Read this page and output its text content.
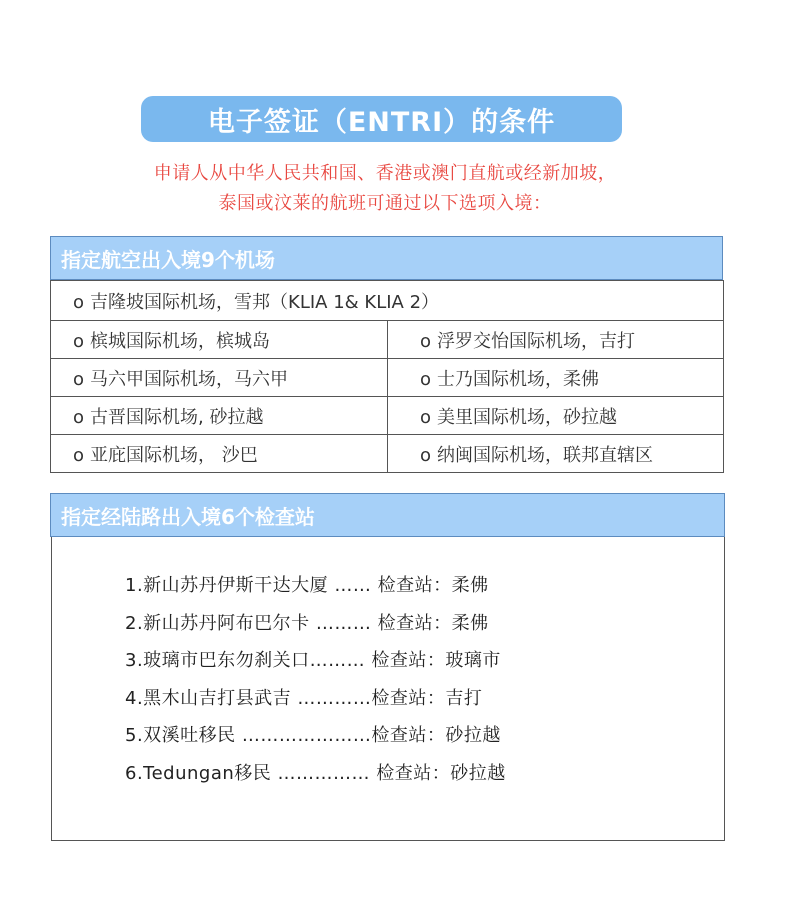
电子签证（ENTRI）的条件
申请人从中华人民共和国、香港或澳门直航或经新加坡，
泰国或汶莱的航班可通过以下选项入境：
指定航空出入境9个机场
o 吉隆坡国际机场，雪邦（KLIA 1& KLIA 2）	
o 槟城国际机场，槟城岛	o 浮罗交怡国际机场，吉打
o 马六甲国际机场，马六甲	o 士乃国际机场，柔佛
o 古晋国际机场, 砂拉越	o 美里国际机场，砂拉越
o 亚庇国际机场， 沙巴	o 纳闽国际机场，联邦直辖区
指定经陆路出入境6个检查站
1.新山苏丹伊斯干达大厦 …… 检查站：柔佛
2.新山苏丹阿布巴尔卡 ……… 检查站：柔佛
3.玻璃市巴东勿刹关口……… 检查站：玻璃市
4.黑木山吉打县武吉 …………检查站：吉打
5.双溪吐移民 …………………检查站：砂拉越
6.Tedungan移民 …………… 检查站：砂拉越
